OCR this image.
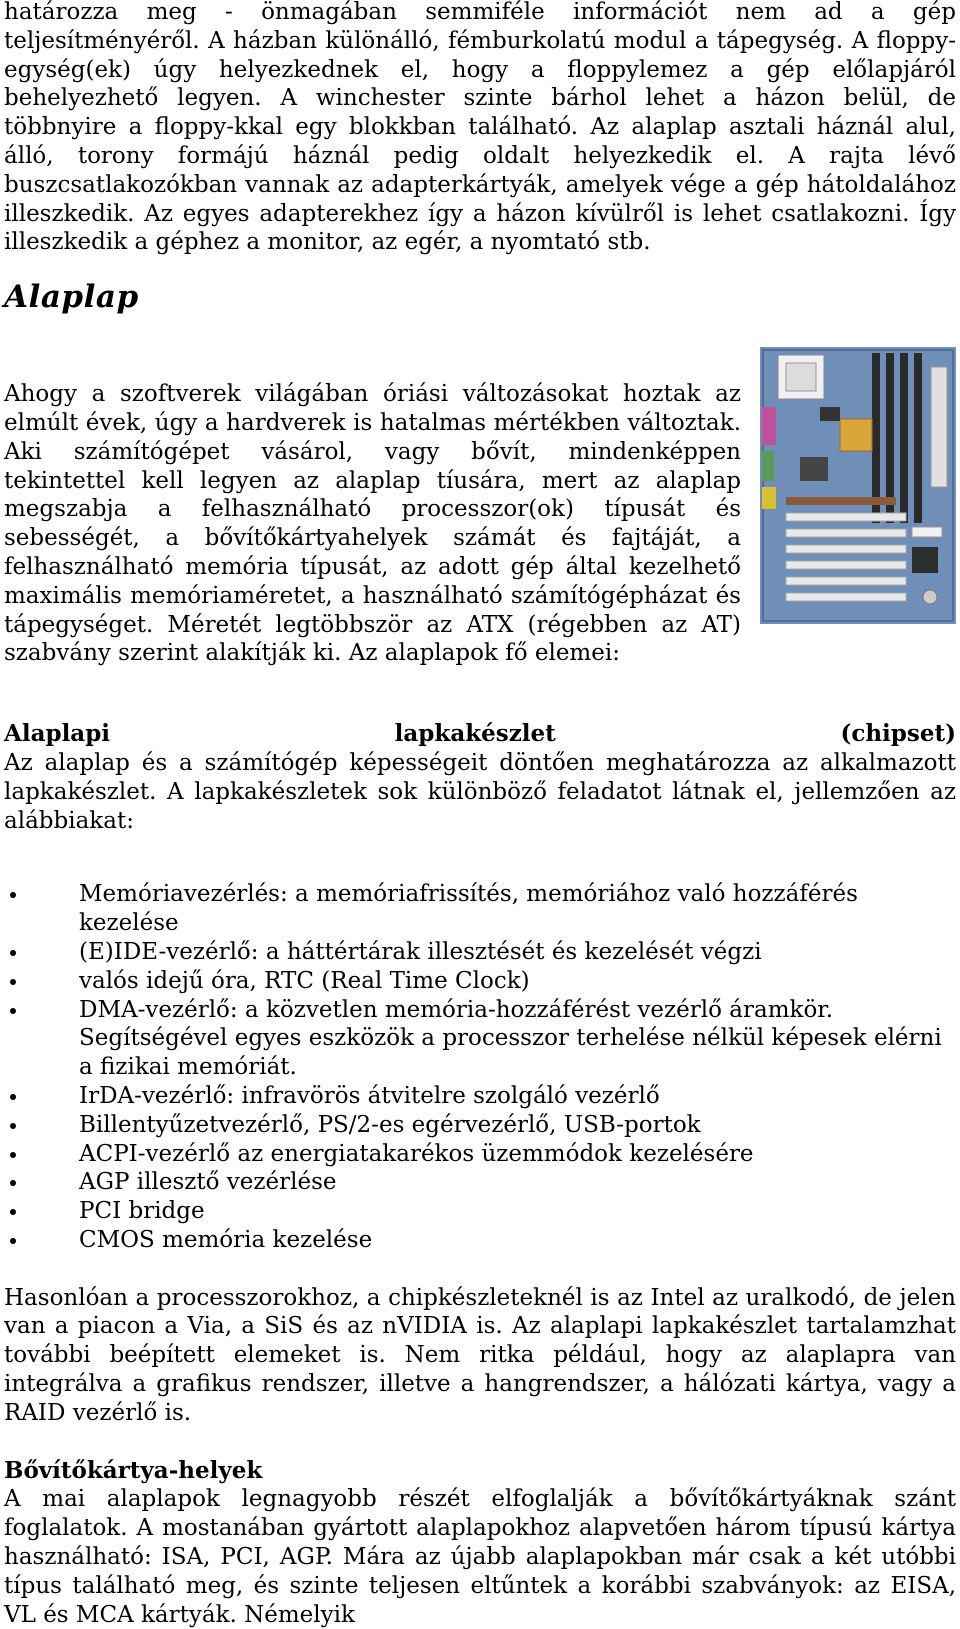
határozza meg - önmagában semmiféle információt nem ad a gép teljesítményéről. A házban különálló, fémburkolatú modul a tápegység. A floppy-egység(ek) úgy helyezkednek el, hogy a floppylemez a gép előlapjáról behelyezhető legyen. A winchester szinte bárhol lehet a házon belül, de többnyire a floppy-kkal egy blokkban található. Az alaplap asztali háznál alul, álló, torony formájú háznál pedig oldalt helyezkedik el. A rajta lévő buszcsatlakozókban vannak az adapterkártyák, amelyek vége a gép hátoldalához illeszkedik. Az egyes adapterekhez így a házon kívülről is lehet csatlakozni. Így illeszkedik a géphez a monitor, az egér, a nyomtató stb.

Alaplap

Ahogy a szoftverek világában óriási változásokat hoztak az elmúlt évek, úgy a hardverek is hatalmas mértékben változtak. Aki számítógépet vásárol, vagy bővít, mindenképpen tekintettel kell legyen az alaplap tíusára, mert az alaplap megszabja a felhasználható processzor(ok) típusát és sebességét, a bővítőkártyahelyek számát és fajtáját, a felhasználható memória típusát, az adott gép által kezelhető maximális memóriaméretet, a használható számítógépházat és tápegységet. Méretét legtöbbször az ATX (régebben az AT) szabvány szerint alakítják ki. Az alaplapok fő elemei:

Alaplapi	lapkakészlet	(chipset)

Az alaplap és a számítógép képességeit döntően meghatározza az alkalmazott lapkakészlet. A lapkakészletek sok különböző feladatot látnak el, jellemzően az alábbiakat:

Memóriavezérlés: a memóriafrissítés, memóriához való hozzáférés kezelése
(E)IDE-vezérlő: a háttértárak illesztését és kezelését végzi
valós idejű óra, RTC (Real Time Clock)
DMA-vezérlő: a közvetlen memória-hozzáférést vezérlő áramkör. Segítségével egyes eszközök a processzor terhelése nélkül képesek elérni a fizikai memóriát.
IrDA-vezérlő: infravörös átvitelre szolgáló vezérlő
Billentyűzetvezérlő, PS/2-es egérvezérlő, USB-portok
ACPI-vezérlő az energiatakarékos üzemmódok kezelésére
AGP illesztő vezérlése
PCI bridge
CMOS memória kezelése

Hasonlóan a processzorokhoz, a chipkészleteknél is az Intel az uralkodó, de jelen van a piacon a Via, a SiS és az nVIDIA is. Az alaplapi lapkakészlet tartalamzhat további beépített elemeket is. Nem ritka például, hogy az alaplapra van integrálva a grafikus rendszer, illetve a hangrendszer, a hálózati kártya, vagy a RAID vezérlő is.

Bővítőkártya-helyek

A mai alaplapok legnagyobb részét elfoglalják a bővítőkártyáknak szánt foglalatok. A mostanában gyártott alaplapokhoz alapvetően három típusú kártya használható: ISA, PCI, AGP. Mára az újabb alaplapokban már csak a két utóbbi típus található meg, és szinte teljesen eltűntek a korábbi szabványok: az EISA, VL és MCA kártyák. Némelyik
